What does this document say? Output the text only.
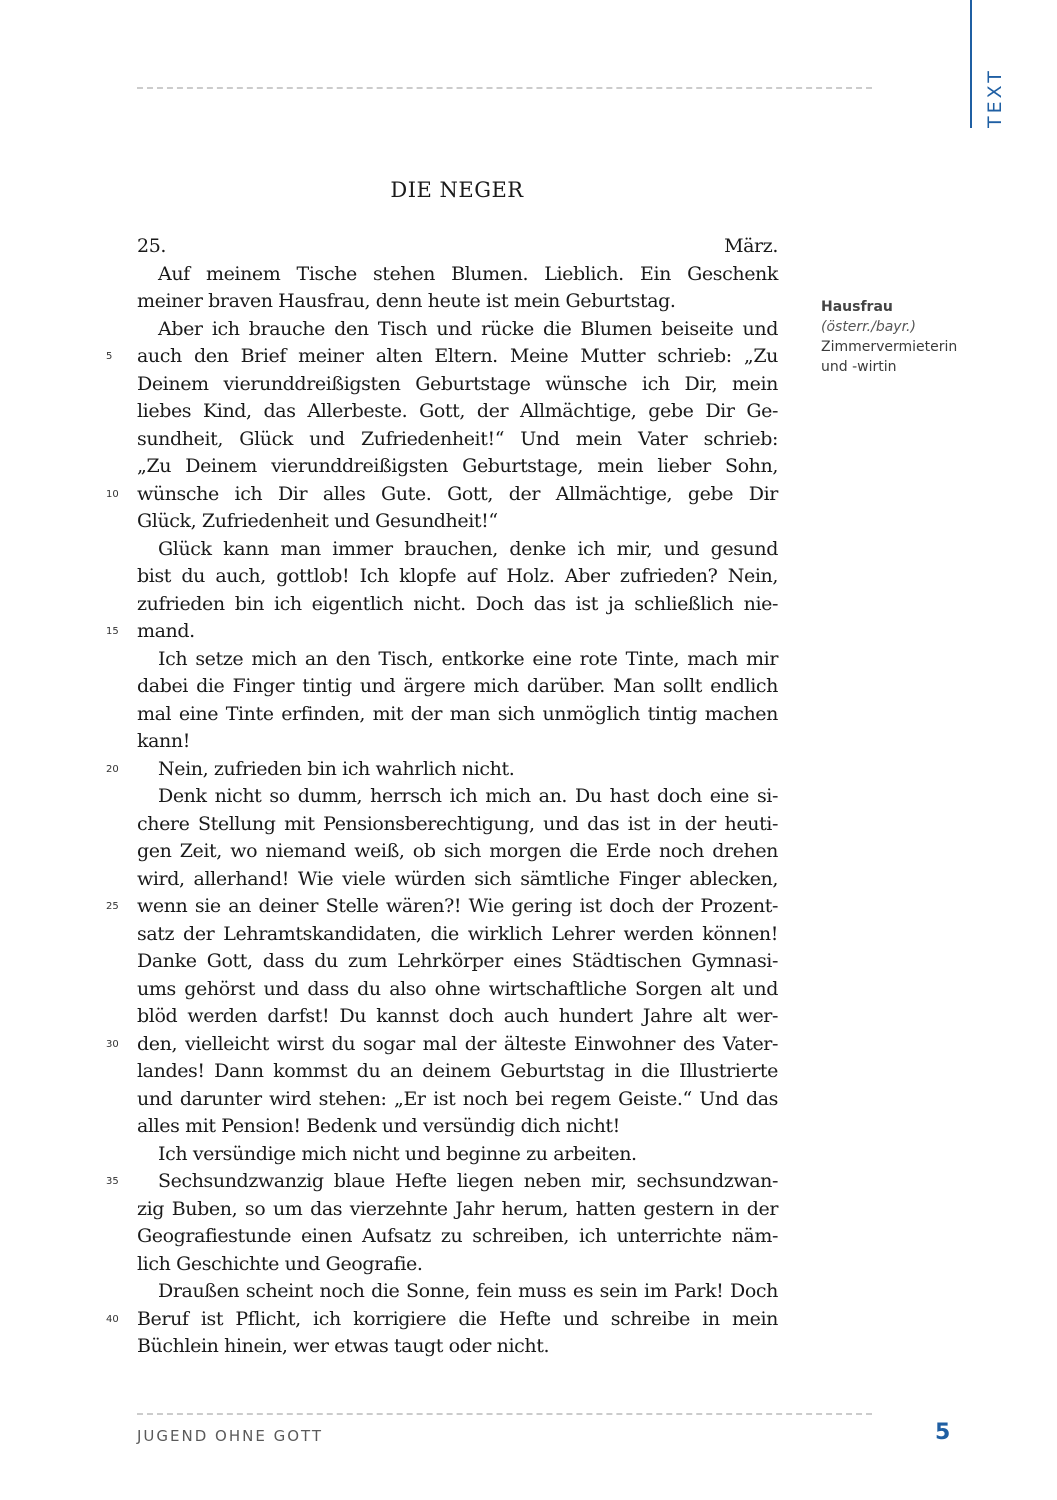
TEXT
DIE NEGER
25. März.
Auf meinem Tische stehen Blumen. Lieblich. Ein Geschenk
meiner braven Hausfrau, denn heute ist mein Geburtstag.
Aber ich brauche den Tisch und rücke die Blumen beiseite und
5	auch den Brief meiner alten Eltern. Meine Mutter schrieb: „Zu
Deinem vierunddreißigsten Geburtstage wünsche ich Dir, mein
liebes Kind, das Allerbeste. Gott, der Allmächtige, gebe Dir Ge-
sundheit, Glück und Zufriedenheit!“ Und mein Vater schrieb:
„Zu Deinem vierunddreißigsten Geburtstage, mein lieber Sohn,
10 wünsche ich Dir alles Gute. Gott, der Allmächtige, gebe Dir
Glück, Zufriedenheit und Gesundheit!“
Glück kann man immer brauchen, denke ich mir, und gesund
bist du auch, gottlob! Ich klopfe auf Holz. Aber zufrieden? Nein,
zufrieden bin ich eigentlich nicht. Doch das ist ja schließlich nie-
15 mand.
Ich setze mich an den Tisch, entkorke eine rote Tinte, mach mir
dabei die Finger tintig und ärgere mich darüber. Man sollt endlich
mal eine Tinte erfinden, mit der man sich unmöglich tintig machen
kann!
20	Nein, zufrieden bin ich wahrlich nicht.
Denk nicht so dumm, herrsch ich mich an. Du hast doch eine si-
chere Stellung mit Pensionsberechtigung, und das ist in der heuti-
gen Zeit, wo niemand weiß, ob sich morgen die Erde noch drehen
wird, allerhand! Wie viele würden sich sämtliche Finger ablecken,
25 wenn sie an deiner Stelle wären?! Wie gering ist doch der Prozent-
satz der Lehramtskandidaten, die wirklich Lehrer werden können!
Danke Gott, dass du zum Lehrkörper eines Städtischen Gymnasi-
ums gehörst und dass du also ohne wirtschaftliche Sorgen alt und
blöd werden darfst! Du kannst doch auch hundert Jahre alt wer-
30 den, vielleicht wirst du sogar mal der älteste Einwohner des Vater-
landes! Dann kommst du an deinem Geburtstag in die Illustrierte
und darunter wird stehen: „Er ist noch bei regem Geiste.“ Und das
alles mit Pension! Bedenk und versündig dich nicht!
Ich versündige mich nicht und beginne zu arbeiten.
35	Sechsundzwanzig blaue Hefte liegen neben mir, sechsundzwan-
zig Buben, so um das vierzehnte Jahr herum, hatten gestern in der
Geografiestunde einen Aufsatz zu schreiben, ich unterrichte näm-
lich Geschichte und Geografie.
Draußen scheint noch die Sonne, fein muss es sein im Park! Doch
40 Beruf ist Pflicht, ich korrigiere die Hefte und schreibe in mein
Büchlein hinein, wer etwas taugt oder nicht.
Hausfrau
(österr./bayr.)
Zimmervermieterin
und -wirtin
JUGEND OHNE GOTT	5
